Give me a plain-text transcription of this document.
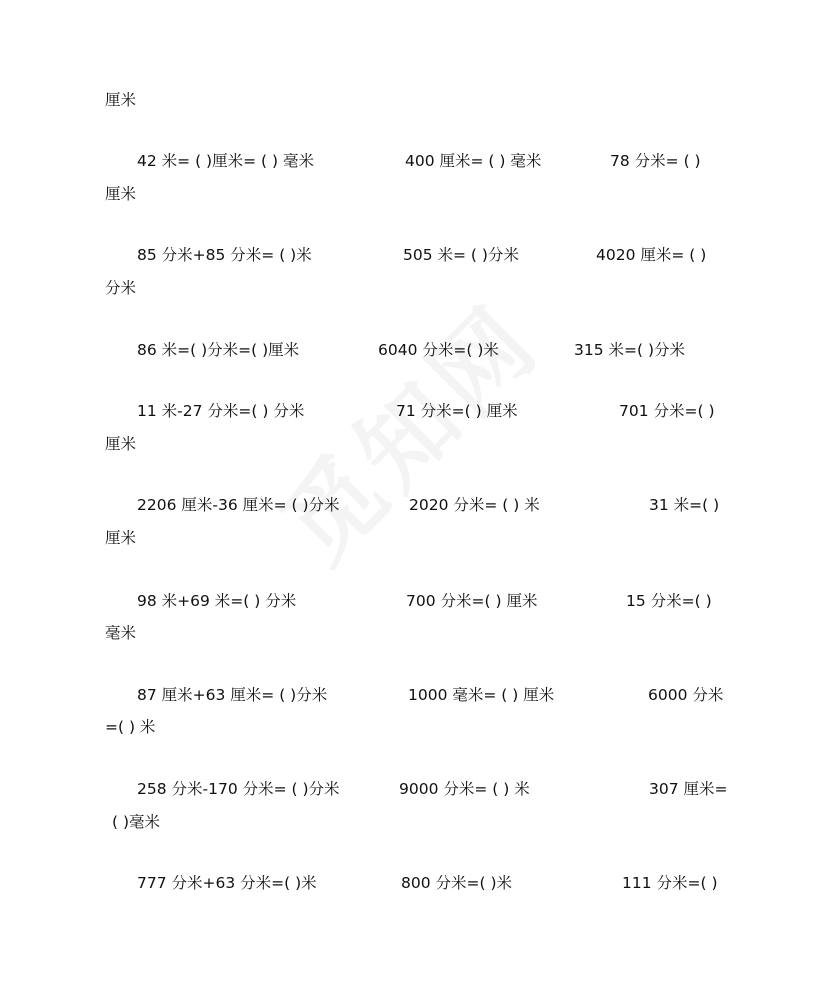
厘米
42 米= ( )厘米= ( ) 毫米	400 厘米= ( ) 毫米	78 分米= ( )
厘米
85 分米+85 分米= ( )米	505 米= ( )分米	4020 厘米= ( )
分米
86 米=( )分米=( )厘米	6040 分米=( )米	315 米=( )分米
11 米-27 分米=( ) 分米	71 分米=( ) 厘米	701 分米=( )
厘米
2206 厘米-36 厘米= ( )分米	2020 分米= ( ) 米	31 米=( )
厘米
98 米+69 米=( ) 分米	700 分米=( ) 厘米	15 分米=( )
毫米
87 厘米+63 厘米= ( )分米	1000 毫米= ( ) 厘米	6000 分米
=( ) 米
258 分米-170 分米= ( )分米	9000 分米= ( ) 米	307 厘米=
( )毫米
777 分米+63 分米=( )米	800 分米=( )米	111 分米=( )
